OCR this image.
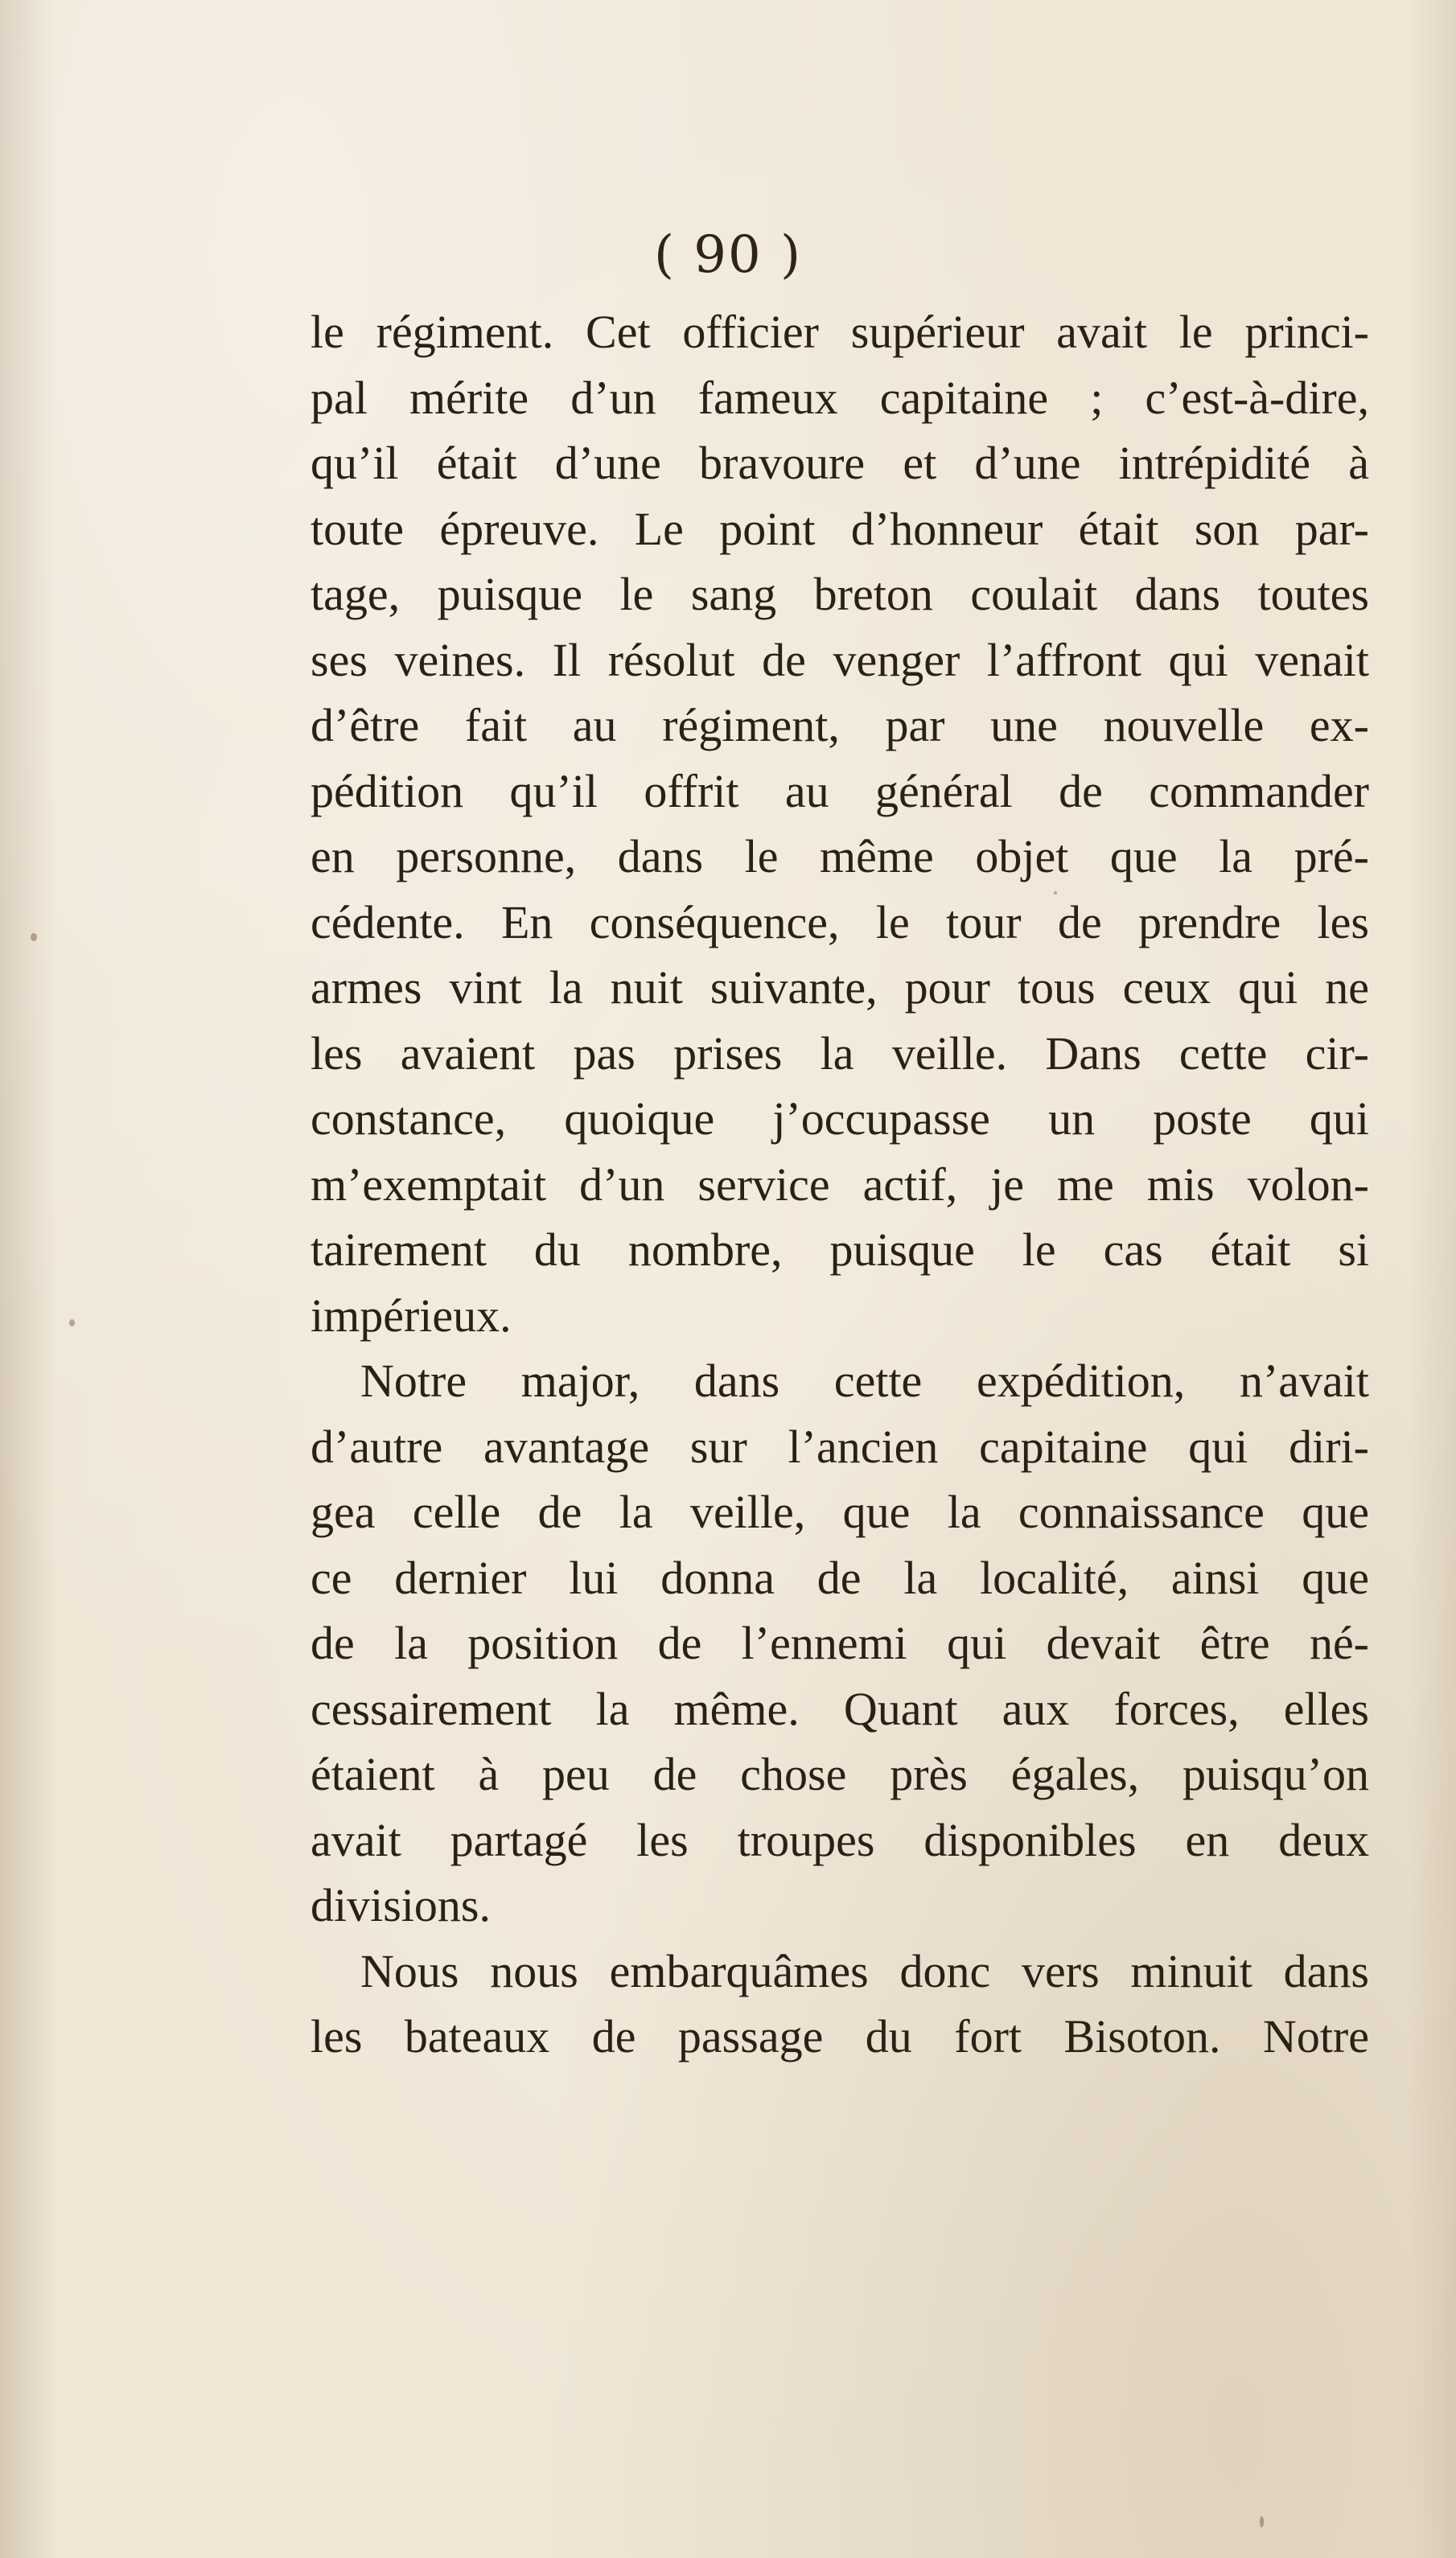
( 90 )
le régiment. Cet officier supérieur avait le princi-
pal mérite d’un fameux capitaine ; c’est-à-dire,
qu’il était d’une bravoure et d’une intrépidité à
toute épreuve. Le point d’honneur était son par-
tage, puisque le sang breton coulait dans toutes
ses veines. Il résolut de venger l’affront qui venait
d’être fait au régiment, par une nouvelle ex-
pédition qu’il offrit au général de commander
en personne, dans le même objet que la pré-
cédente. En conséquence, le tour de prendre les
armes vint la nuit suivante, pour tous ceux qui ne
les avaient pas prises la veille. Dans cette cir-
constance, quoique j’occupasse un poste qui
m’exemptait d’un service actif, je me mis volon-
tairement du nombre, puisque le cas était si
impérieux.
Notre major, dans cette expédition, n’avait
d’autre avantage sur l’ancien capitaine qui diri-
gea celle de la veille, que la connaissance que
ce dernier lui donna de la localité, ainsi que
de la position de l’ennemi qui devait être né-
cessairement la même. Quant aux forces, elles
étaient à peu de chose près égales, puisqu’on
avait partagé les troupes disponibles en deux
divisions.
Nous nous embarquâmes donc vers minuit dans
les bateaux de passage du fort Bisoton. Notre
